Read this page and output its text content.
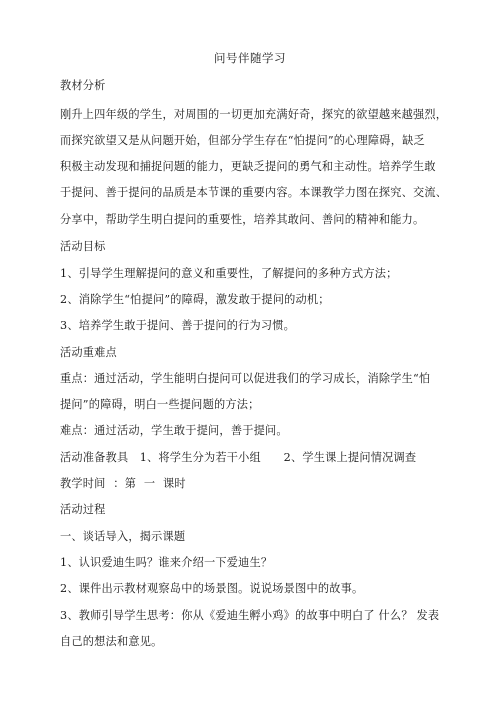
问号伴随学习
教材分析
刚升上四年级的学生，对周围的一切更加充满好奇，探究的欲望越来越强烈，
而探究欲望又是从问题开始，但部分学生存在“怕提问”的心理障碍，缺乏
积极主动发现和捕捉问题的能力，更缺乏提问的勇气和主动性。培养学生敢
于提问、善于提问的品质是本节课的重要内容。本课教学力图在探究、交流、
分享中，帮助学生明白提问的重要性，培养其敢问、善问的精神和能力。
活动目标
1、引导学生理解提问的意义和重要性，了解提问的多种方式方法；
2、消除学生“怕提问”的障碍，激发敢于提问的动机；
3、培养学生敢于提问、善于提问的行为习惯。
活动重难点
重点：通过活动，学生能明白提问可以促进我们的学习成长，消除学生“怕
提问”的障碍，明白一些提问题的方法；
难点：通过活动，学生敢于提问，善于提问。
活动准备教具　1、将学生分为若干小组　　2、学生课上提问情况调查
教学时间 ：第 一 课时
活动过程
一、谈话导入，揭示课题
1、认识爱迪生吗？谁来介绍一下爱迪生？
2、课件出示教材观察岛中的场景图。说说场景图中的故事。
3、教师引导学生思考：你从《爱迪生孵小鸡》的故事中明白了 什么？ 发表
自己的想法和意见。
